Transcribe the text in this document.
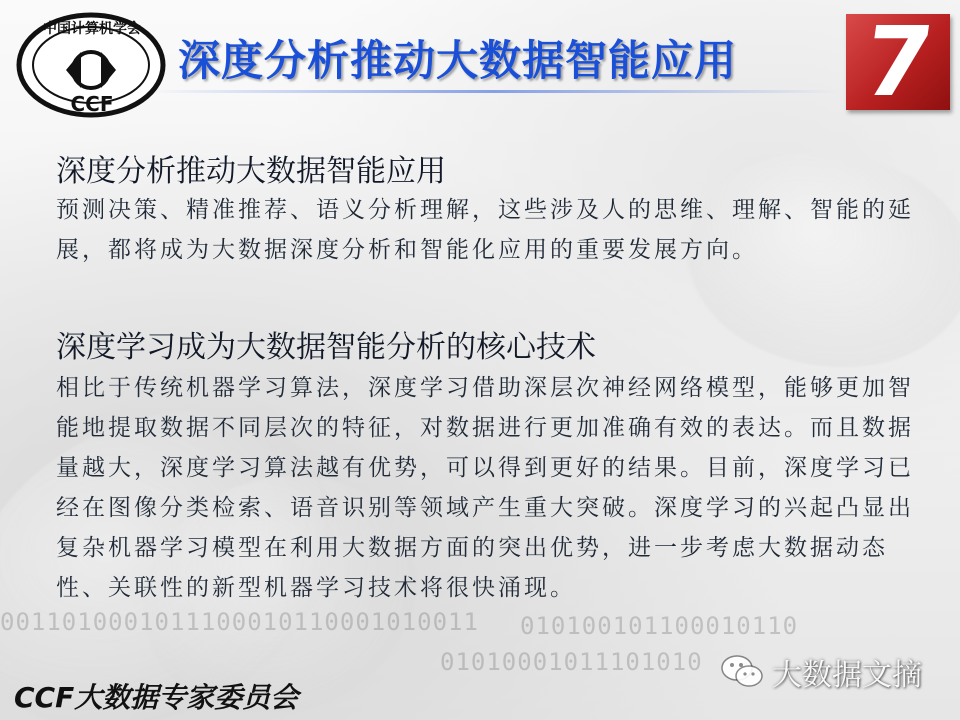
0011010001011100010110001010011 010100101100010110
01010001011101010
中国计算机学会
CCF
深度分析推动大数据智能应用 7
深度分析推动大数据智能应用
预测决策、精准推荐、语义分析理解，这些涉及人的思维、理解、智能的延展，都将成为大数据深度分析和智能化应用的重要发展方向。
深度学习成为大数据智能分析的核心技术
相比于传统机器学习算法，深度学习借助深层次神经网络模型，能够更加智能地提取数据不同层次的特征，对数据进行更加准确有效的表达。而且数据量越大，深度学习算法越有优势，可以得到更好的结果。目前，深度学习已经在图像分类检索、语音识别等领域产生重大突破。深度学习的兴起凸显出复杂机器学习模型在利用大数据方面的突出优势，进一步考虑大数据动态性、关联性的新型机器学习技术将很快涌现。
CCF大数据专家委员会
大数据文摘
